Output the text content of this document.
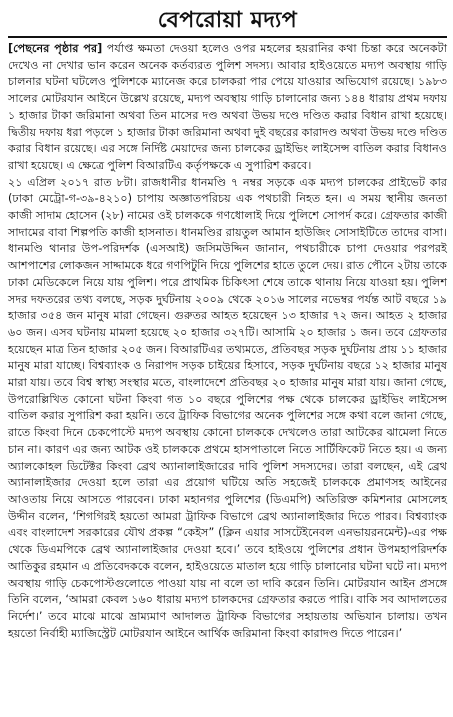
বেপরোয়া মদ্যপ

[পেছনের পৃষ্ঠার পর] পর্যাপ্ত ক্ষমতা দেওয়া হলেও ওপর মহলের হয়রানির কথা চিন্তা করে অনেকটা দেখেও না দেখার ভান করেন অনেক কর্তব্যরত পুলিশ সদস্য। আবার হাইওয়েতে মদ্যপ অবস্থায় গাড়ি চালনার ঘটনা ঘটলেও পুলিশকে ম্যানেজ করে চালকরা পার পেয়ে যাওয়ার অভিযোগ রয়েছে। ১৯৮৩ সালের মোটরযান আইনে উল্লেখ রয়েছে, মদ্যপ অবস্থায় গাড়ি চালানোর জন্য ১৪৪ ধারায় প্রথম দফায় ১ হাজার টাকা জরিমানা অথবা তিন মাসের দণ্ড অথবা উভয় দণ্ডে দণ্ডিত করার বিধান রাখা হয়েছে। দ্বিতীয় দফায় ধরা পড়লে ১ হাজার টাকা জরিমানা অথবা দুই বছরের কারাদণ্ড অথবা উভয় দণ্ডে দণ্ডিত করার বিধান রয়েছে। এর সঙ্গে নির্দিষ্ট মেয়াদের জন্য চালকের ড্রাইভিং লাইসেন্স বাতিল করার বিধানও রাখা হয়েছে। এ ক্ষেত্রে পুলিশ বিআরটিএ কর্তৃপক্ষকে এ সুপারিশ করবে।

২১ এপ্রিল ২০১৭ রাত ৮টা। রাজধানীর ধানমণ্ডি ৭ নম্বর সড়কে এক মদ্যপ চালকের প্রাইভেট কার (ঢাকা মেট্রো-গ-৩৯-৪২১০) চাপায় অজ্ঞাতপরিচয় এক পথচারী নিহত হন। এ সময় স্থানীয় জনতা কাজী সাদাম হোসেন (২৮) নামের ওই চালককে গণধোলাই দিয়ে পুলিশে সোপর্দ করে। গ্রেফতার কাজী সাদামের বাবা শিল্পপতি কাজী হাসনাত। ধানমণ্ডির রায়তুল আমান হাউজিং সোসাইটিতে তাদের বাসা। ধানমণ্ডি থানার উপ-পরিদর্শক (এসআই) জসিমউদ্দিন জানান, পথচারীকে চাপা দেওয়ার পরপরই আশপাশের লোকজন সাদ্দামকে ধরে গণপিটুনি দিয়ে পুলিশের হাতে তুলে দেয়। রাত পৌনে ২টায় তাকে ঢাকা মেডিকেলে নিয়ে যায় পুলিশ। পরে প্রাথমিক চিকিৎসা শেষে তাকে থানায় নিয়ে যাওয়া হয়। পুলিশ সদর দফতরের তথ্য বলছে, সড়ক দুর্ঘটনায় ২০০৯ থেকে ২০১৬ সালের নভেম্বর পর্যন্ত আট বছরে ১৯ হাজার ৩৫৪ জন মানুষ মারা গেছেন। গুরুতর আহত হয়েছেন ১৩ হাজার ৭২ জন। আহত ২ হাজার ৬০ জন। এসব ঘটনায় মামলা হয়েছে ২০ হাজার ৩২৭টি। আসামি ২০ হাজার ১ জন। তবে গ্রেফতার হয়েছেন মাত্র তিন হাজার ২০৫ জন। বিআরটিএর তথ্যমতে, প্রতিবছর সড়ক দুর্ঘটনায় প্রায় ১১ হাজার মানুষ মারা যাচ্ছে। বিশ্বব্যাংক ও নিরাপদ সড়ক চাইয়ের হিসাবে, সড়ক দুর্ঘটনায় বছরে ১২ হাজার মানুষ মারা যায়। তবে বিশ্ব স্বাস্থ্য সংস্থার মতে, বাংলাদেশে প্রতিবছর ২০ হাজার মানুষ মারা যায়। জানা গেছে, উপরোল্লিখিত কোনো ঘটনা কিংবা গত ১০ বছরে পুলিশের পক্ষ থেকে চালকের ড্রাইভিং লাইসেন্স বাতিল করার সুপারিশ করা হয়নি। তবে ট্রাফিক বিভাগের অনেক পুলিশের সঙ্গে কথা বলে জানা গেছে, রাতে কিংবা দিনে চেকপোস্টে মদ্যপ অবস্থায় কোনো চালককে দেখলেও তারা আটকের ঝামেলা নিতে চান না। কারণ এর জন্য আটক ওই চালককে প্রথমে হাসপাতালে নিতে সার্টিফিকেট নিতে হয়। এ জন্য অ্যালকোহল ডিটেক্টর কিংবা ব্রেথ অ্যানালাইজারের দাবি পুলিশ সদস্যদের। তারা বলছেন, এই ব্রেথ অ্যানালাইজার দেওয়া হলে তারা এর প্রয়োগ ঘটিয়ে অতি সহজেই চালককে প্রমাণসহ আইনের আওতায় নিয়ে আসতে পারবেন। ঢাকা মহানগর পুলিশের (ডিএমপি) অতিরিক্ত কমিশনার মোসলেহ উদ্দীন বলেন, ‘শিগগিরই হয়তো আমরা ট্রাফিক বিভাগে ব্রেথ অ্যানালাইজার দিতে পারব। বিশ্বব্যাংক এবং বাংলাদেশ সরকারের যৌথ প্রকল্প “কেইস” (ক্লিন এয়ার সাসটেইনেবল এনভায়রনমেন্ট)-এর পক্ষ থেকে ডিএমপিকে ব্রেথ অ্যানালাইজার দেওয়া হবে।’ তবে হাইওয়ে পুলিশের প্রধান উপমহাপরিদর্শক আতিকুর রহমান এ প্রতিবেদককে বলেন, হাইওয়েতে মাতাল হয়ে গাড়ি চালানোর ঘটনা ঘটে না। মদ্যপ অবস্থায় গাড়ি চেকপোস্টগুলোতে পাওয়া যায় না বলে তা দাবি করেন তিনি। মোটরযান আইন প্রসঙ্গে তিনি বলেন, ‘আমরা কেবল ১৬০ ধারায় মদ্যপ চালকদের গ্রেফতার করতে পারি। বাকি সব আদালতের নির্দেশ।’ তবে মাঝে মাঝে ভ্রাম্যমাণ আদালত ট্রাফিক বিভাগের সহায়তায় অভিযান চালায়। তখন হয়তো নির্বাহী ম্যাজিস্ট্রেট মোটরযান আইনে আর্থিক জরিমানা কিংবা কারাদণ্ড দিতে পারেন।’
